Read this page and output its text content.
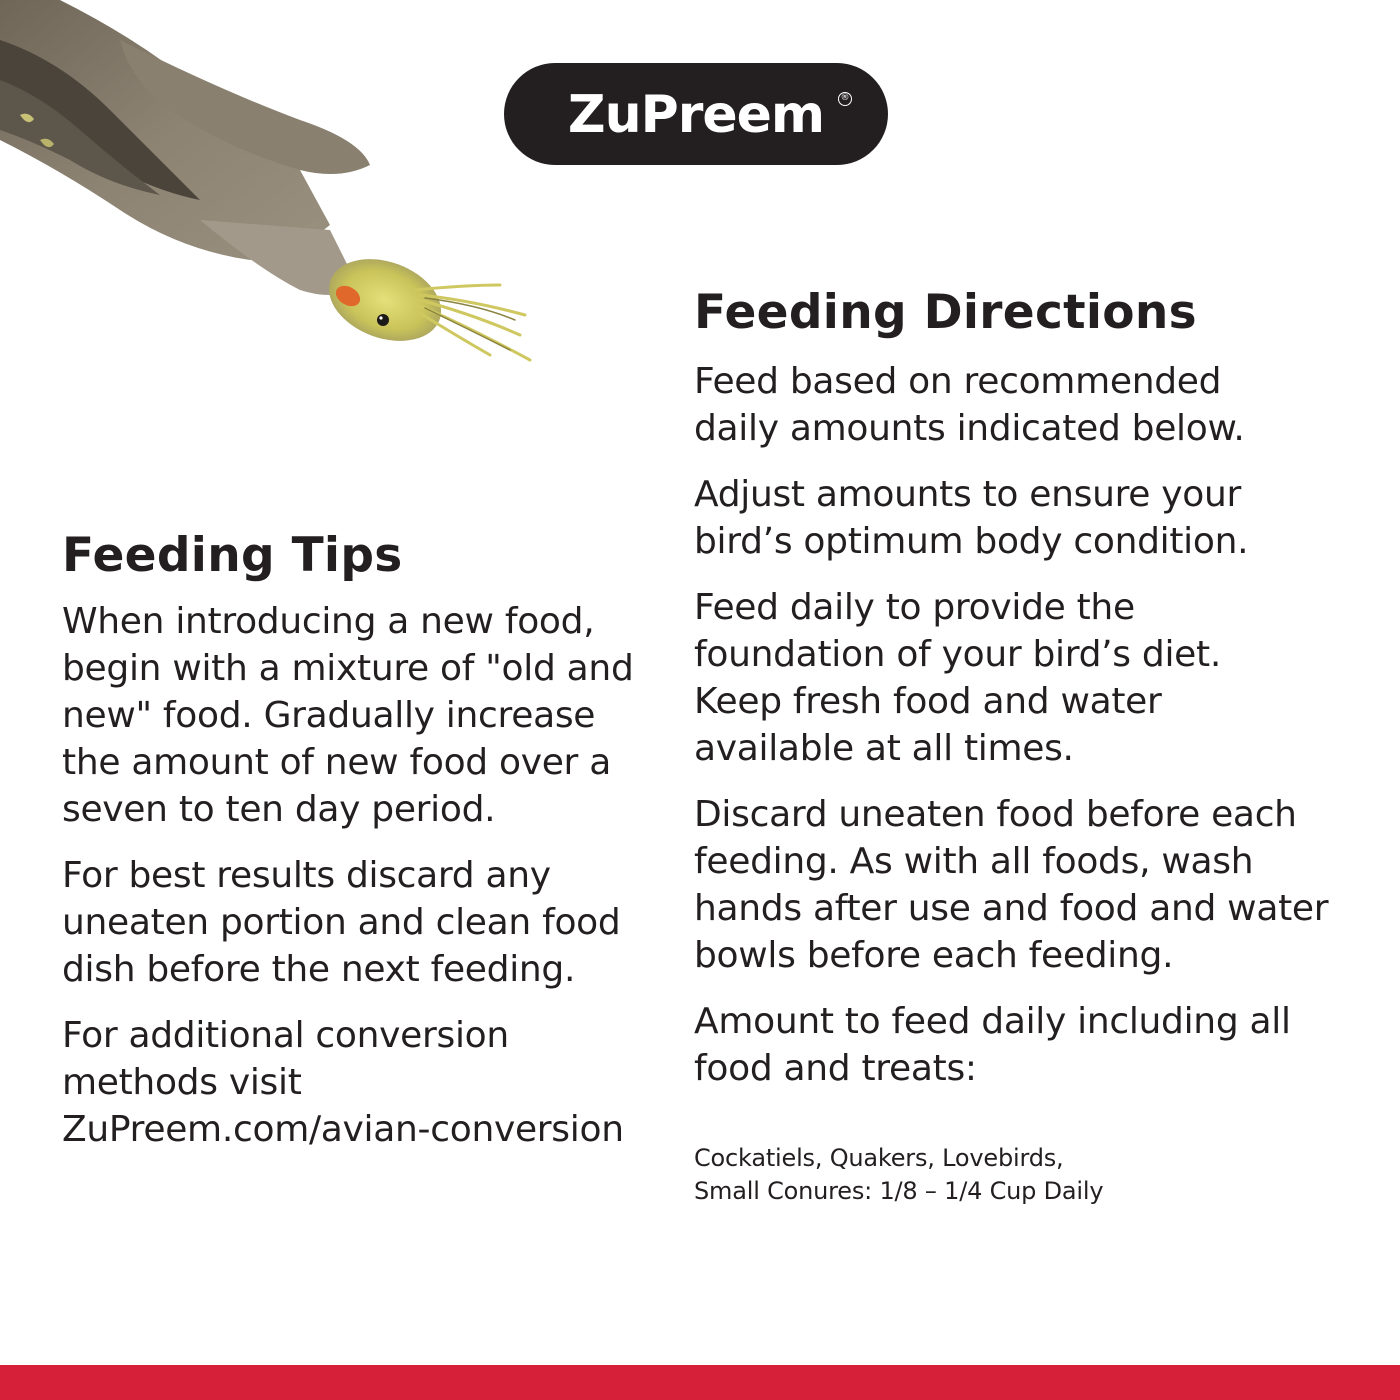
ZuPreem ®
Feeding Directions

Feed based on recommended daily amounts indicated below.

Adjust amounts to ensure your bird’s optimum body condition.

Feed daily to provide the foundation of your bird’s diet. Keep fresh food and water available at all times.

Discard uneaten food before each feeding. As with all foods, wash hands after use and food and water bowls before each feeding.

Amount to feed daily including all food and treats:

Cockatiels, Quakers, Lovebirds,
Small Conures: 1/8 – 1/4 Cup Daily
Feeding Tips

When introducing a new food, begin with a mixture of "old and new" food. Gradually increase the amount of new food over a seven to ten day period.

For best results discard any uneaten portion and clean food dish before the next feeding.

For additional conversion methods visit ZuPreem.com/avian-conversion
